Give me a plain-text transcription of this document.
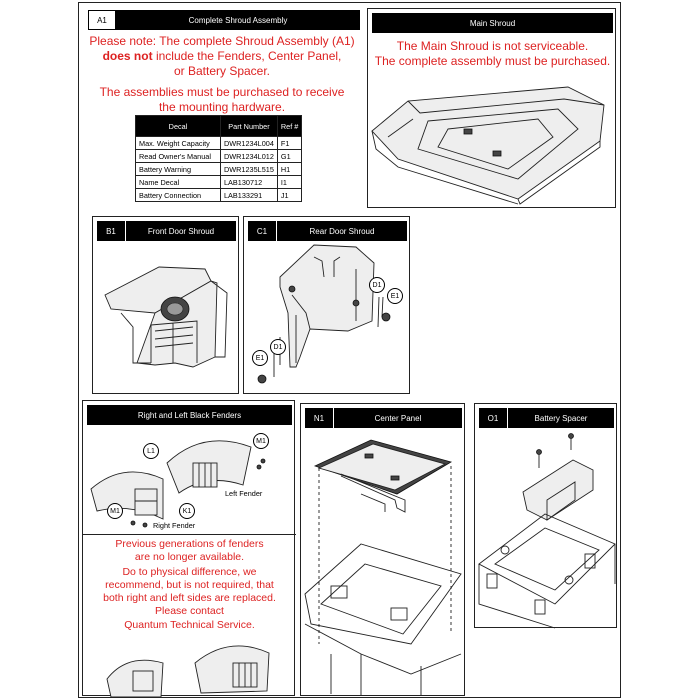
A1	Complete Shroud Assembly
Please note: The complete Shroud Assembly (A1)
does not include the Fenders, Center Panel,
or Battery Spacer.
The assemblies must be purchased to receive
the mounting hardware.
Decal	Part Number	Ref #
Max. Weight Capacity	DWR1234L004	F1
Read Owner's Manual	DWR1234L012	G1
Battery Warning	DWR1235L515	H1
Name Decal	LAB130712	I1
Battery Connection	LAB133291	J1
Main Shroud
The Main Shroud is not serviceable.
The complete assembly must be purchased.
B1	Front Door Shroud	C1	Rear Door Shroud
D1
E1
E1
D1
Right and Left Black Fenders
L1
M1
M1	K1
Left Fender
Right Fender
Previous generations of fenders
are no longer available.
Do to physical difference, we
recommend, but is not required, that
both right and left sides are replaced.
Please contact
Quantum Technical Service.
N1	Center Panel	O1	Battery Spacer
